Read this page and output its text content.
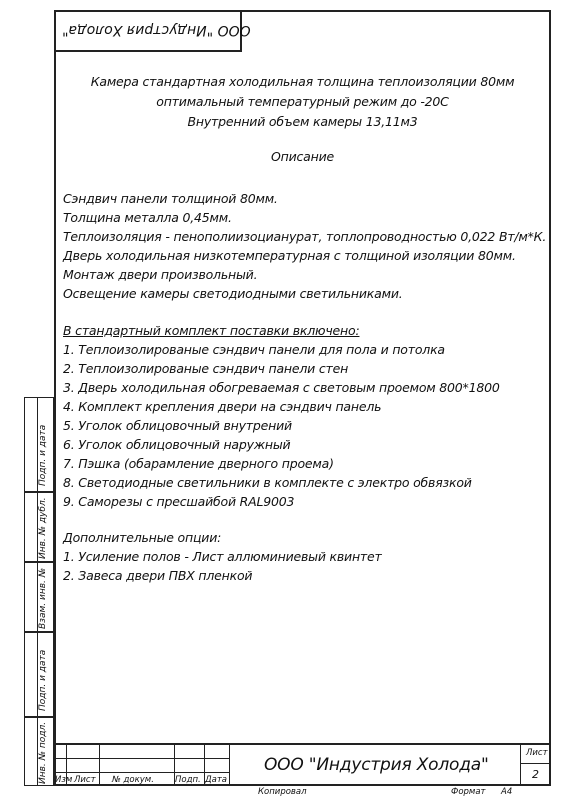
ООО "Индустрия Холода"
Подп. и дата
Инв. № дубл.
Взам. инв. №
Подп. и дата
Инв. № подл.
Камера стандартная холодильная толщина теплоизоляции 80мм
оптимальный температурный режим до -20С
Внутренний объем камеры 13,11м3
Описание
Сэндвич панели толщиной 80мм.
Толщина металла 0,45мм.
Теплоизоляция - пенополиизоцианурат, топлопроводностью 0,022 Вт/м*К.
Дверь холодильная низкотемпературная с толщиной изоляции 80мм.
Монтаж двери произвольный.
Освещение камеры светодиодными светильниками.
В стандартный комплект поставки включено:
1. Теплоизолированые сэндвич панели для пола и потолка
2. Теплоизолированые сэндвич панели стен
3. Дверь холодильная обогреваемая с световым проемом 800*1800
4. Комплект крепления двери на сэндвич панель
5. Уголок облицовочный внутрений
6. Уголок облицовочный наружный
7. Пэшка (обарамление дверного проема)
8. Светодиодные светильники в комплекте с электро обвязкой
9. Саморезы с пресшайбой RAL9003
Дополнительные опции:
1. Усиление полов - Лист аллюминиевый квинтет
2. Завеса двери ПВХ пленкой
Изм Лист № докум. Подп. Дата
ООО "Индустрия Холода"
Лист
2
Копировал	Формат А4
